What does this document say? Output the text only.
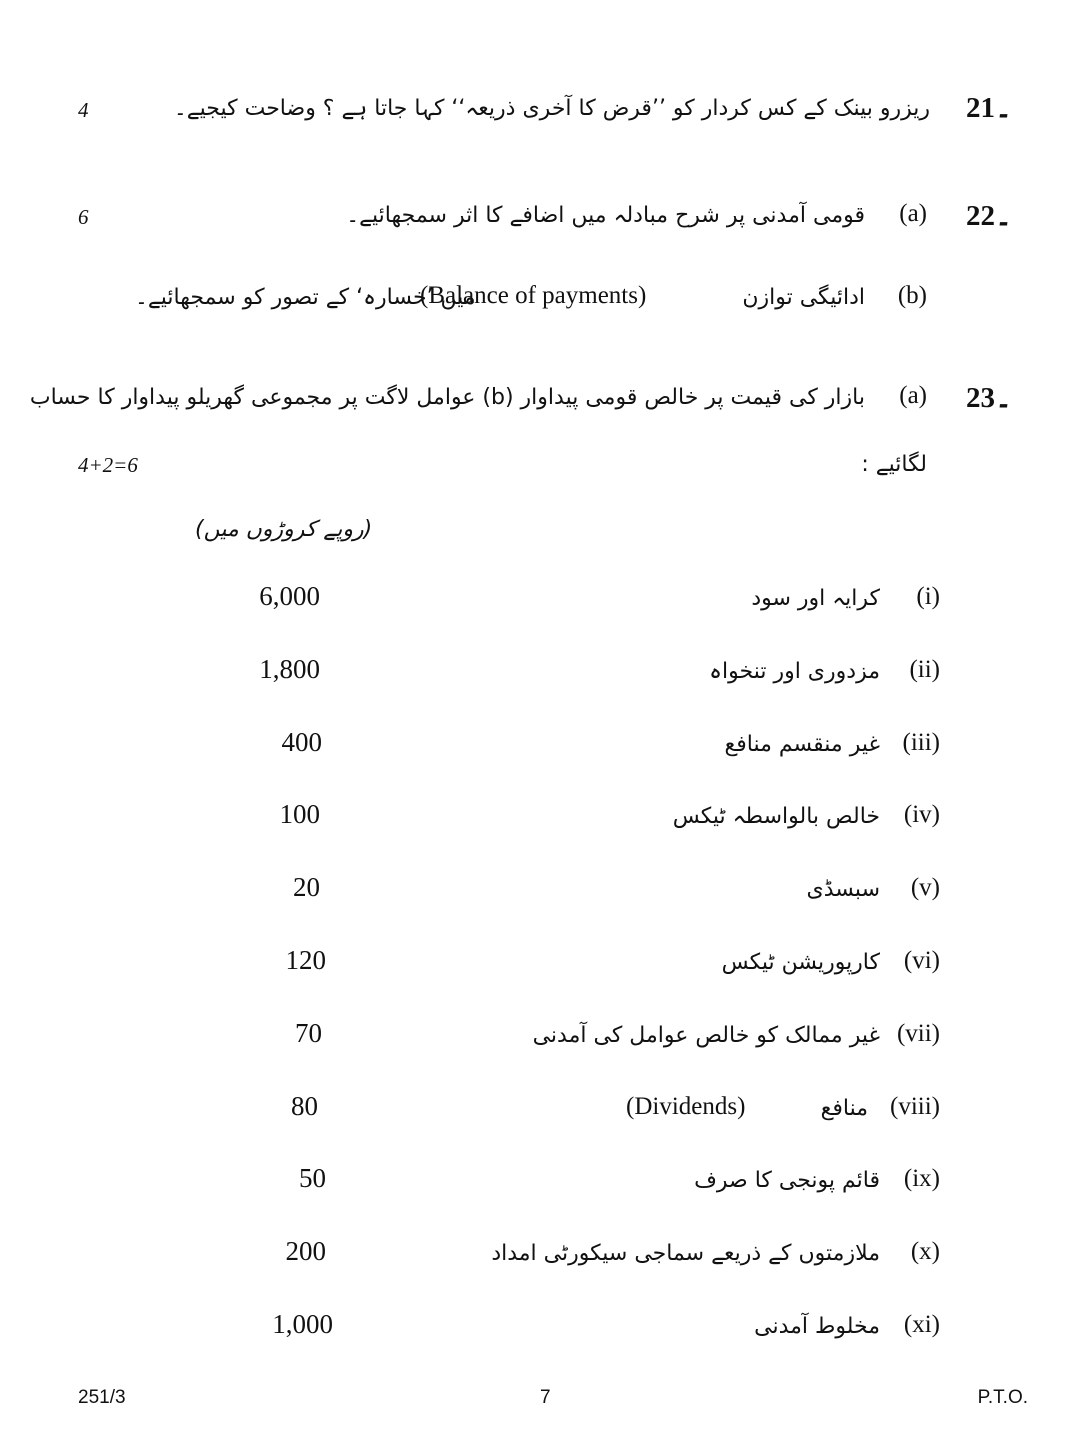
21۔
ریزرو بینک کے کس کردار کو ’’قرض کا آخری ذریعہ‘‘ کہا جاتا ہے ؟ وضاحت کیجیے۔
4
22۔
(a)
قومی آمدنی پر شرح مبادلہ میں اضافے کا اثر سمجھائیے۔
6
(b)
ادائیگی توازن
(Balance of payments)
میں ’خسارہ‘ کے تصور کو سمجھائیے۔
23۔
(a)
بازار کی قیمت پر خالص قومی پیداوار (b) عوامل لاگت پر مجموعی گھریلو پیداوار کا حساب
لگائیے :
4+2=6
(روپے کروڑوں میں)
(i)
کرایہ اور سود
6,000
(ii)
مزدوری اور تنخواہ
1,800
(iii)
غیر منقسم منافع
400
(iv)
خالص بالواسطہ ٹیکس
100
(v)
سبسڈی
20
(vi)
کارپوریشن ٹیکس
120
(vii)
غیر ممالک کو خالص عوامل کی آمدنی
70
(viii)
منافع
(Dividends)
80
(ix)
قائم پونجی کا صرف
50
(x)
ملازمتوں کے ذریعے سماجی سیکورٹی امداد
200
(xi)
مخلوط آمدنی
1,000
251/3	7	P.T.O.
